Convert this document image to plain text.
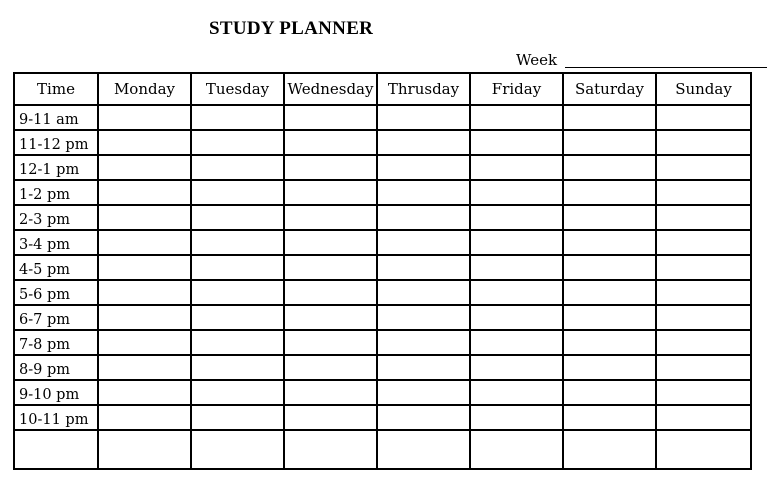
STUDY PLANNER
Week
Time	Monday	Tuesday	Wednesday	Thrusday	Friday	Saturday	Sunday
9-11 am							
11-12 pm							
12-1 pm							
1-2 pm							
2-3 pm							
3-4 pm							
4-5 pm							
5-6 pm							
6-7 pm							
7-8 pm							
8-9 pm							
9-10 pm							
10-11 pm							
